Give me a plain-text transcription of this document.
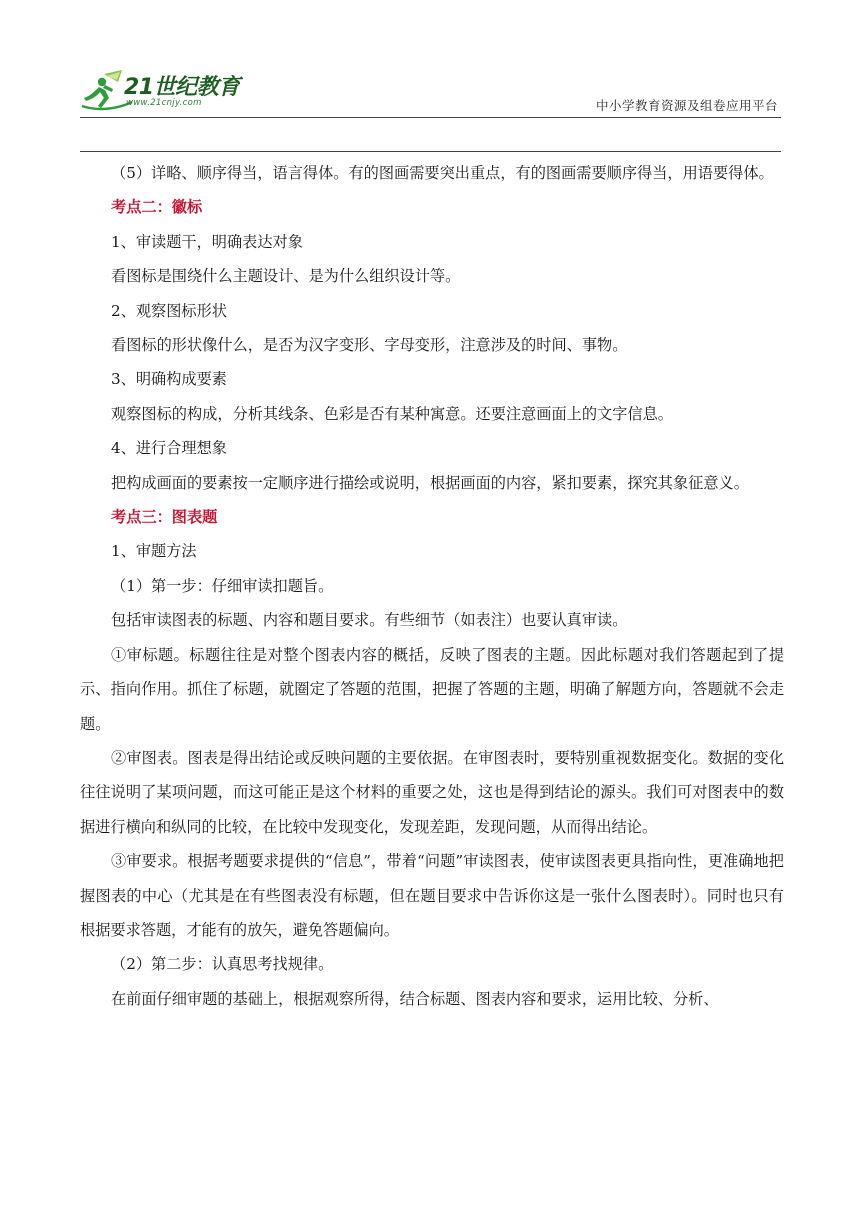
21世纪教育
www.21cnjy.com	中小学教育资源及组卷应用平台

（5）详略、顺序得当，语言得体。有的图画需要突出重点，有的图画需要顺序得当，用语要得体。

考点二：徽标

1、审读题干，明确表达对象

看图标是围绕什么主题设计、是为什么组织设计等。

2、观察图标形状

看图标的形状像什么，是否为汉字变形、字母变形，注意涉及的时间、事物。

3、明确构成要素

观察图标的构成，分析其线条、色彩是否有某种寓意。还要注意画面上的文字信息。

4、进行合理想象

把构成画面的要素按一定顺序进行描绘或说明，根据画面的内容，紧扣要素，探究其象征意义。

考点三：图表题

1、审题方法

（1）第一步：仔细审读扣题旨。

包括审读图表的标题、内容和题目要求。有些细节（如表注）也要认真审读。

①审标题。标题往往是对整个图表内容的概括，反映了图表的主题。因此标题对我们答题起到了提示、指向作用。抓住了标题，就圈定了答题的范围，把握了答题的主题，明确了解题方向，答题就不会走题。

②审图表。图表是得出结论或反映问题的主要依据。在审图表时，要特别重视数据变化。数据的变化往往说明了某项问题，而这可能正是这个材料的重要之处，这也是得到结论的源头。我们可对图表中的数据进行横向和纵同的比较，在比较中发现变化，发现差距，发现问题，从而得出结论。

③审要求。根据考题要求提供的“信息”，带着“问题”审读图表，使审读图表更具指向性，更准确地把握图表的中心（尤其是在有些图表没有标题，但在题目要求中告诉你这是一张什么图表时）。同时也只有根据要求答题，才能有的放矢，避免答题偏向。

（2）第二步：认真思考找规律。

在前面仔细审题的基础上，根据观察所得，结合标题、图表内容和要求，运用比较、分析、
